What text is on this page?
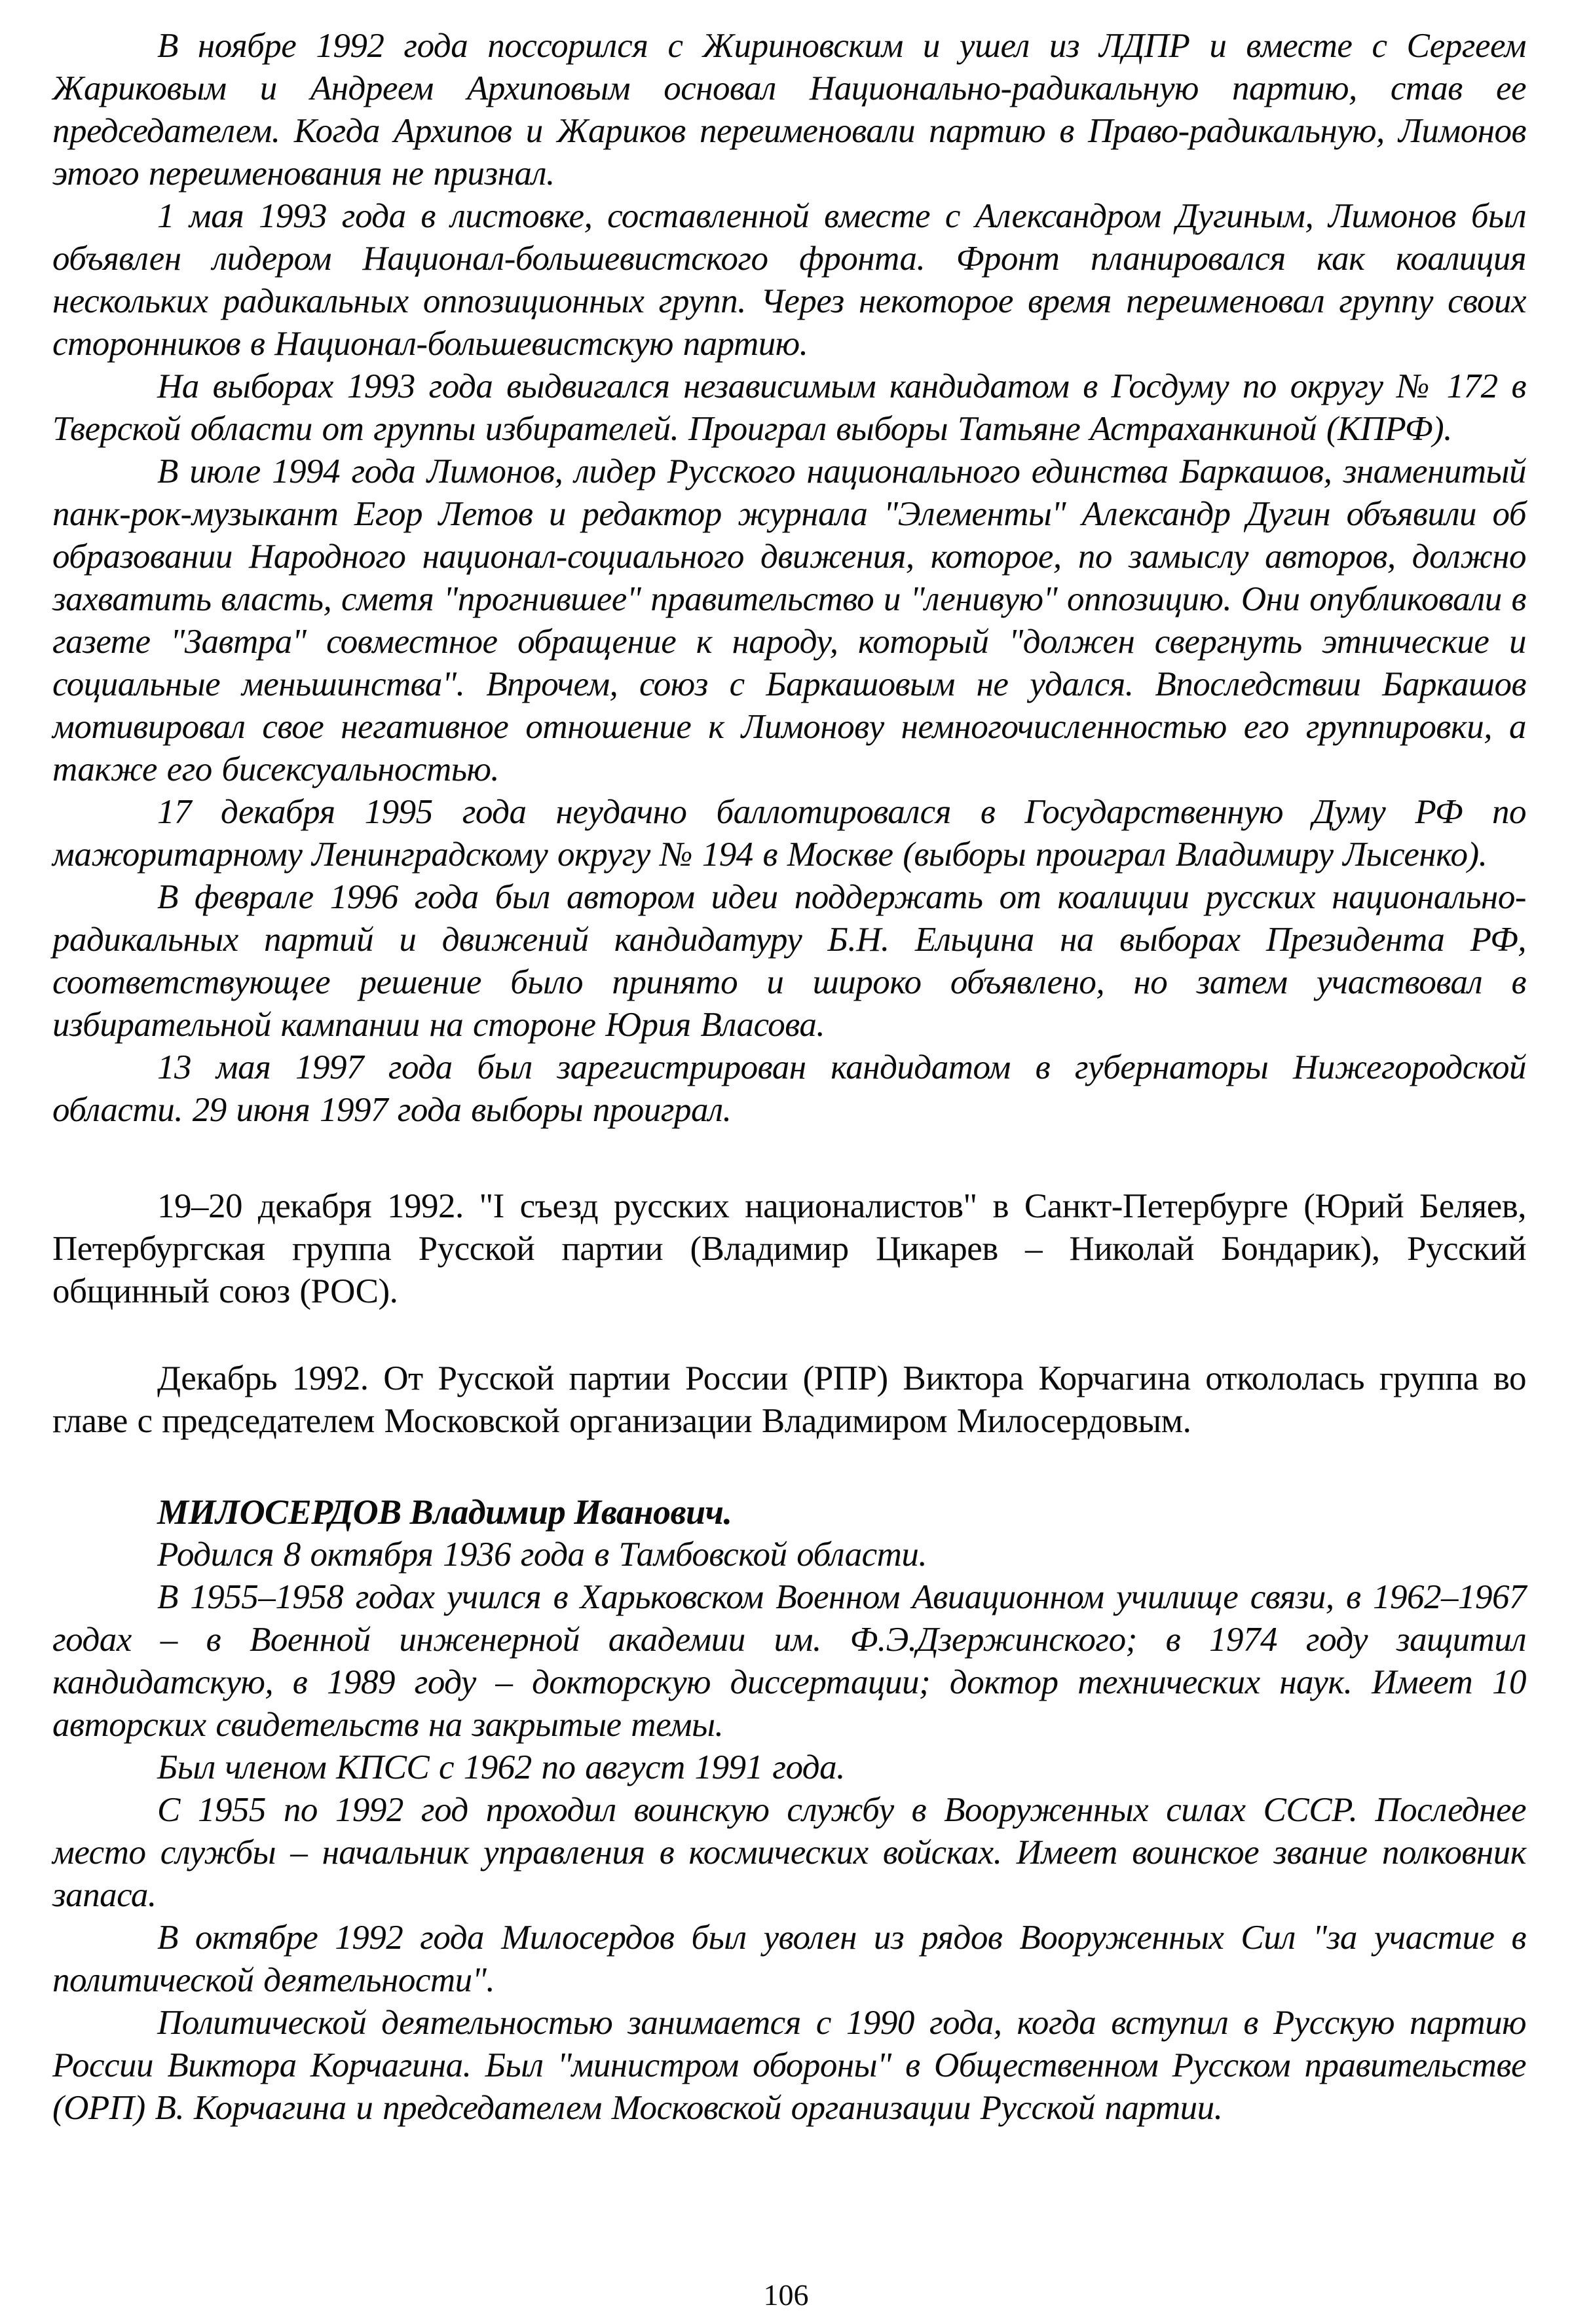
В ноябре 1992 года поссорился с Жириновским и ушел из ЛДПР и вместе с Сергеем Жариковым и Андреем Архиповым основал Национально-радикальную партию, став ее председателем. Когда Архипов и Жариков переименовали партию в Право-радикальную, Лимонов этого переименования не признал.

1 мая 1993 года в листовке, составленной вместе с Александром Дугиным, Лимонов был объявлен лидером Национал-большевистского фронта. Фронт планировался как коалиция нескольких радикальных оппозиционных групп. Через некоторое время переименовал группу своих сторонников в Национал-большевистскую партию.

На выборах 1993 года выдвигался независимым кандидатом в Госдуму по округу № 172 в Тверской области от группы избирателей. Проиграл выборы Татьяне Астраханкиной (КПРФ).

В июле 1994 года Лимонов, лидер Русского национального единства Баркашов, знаменитый панк-рок-музыкант Егор Летов и редактор журнала "Элементы" Александр Дугин объявили об образовании Народного национал-социального движения, которое, по замыслу авторов, должно захватить власть, сметя "прогнившее" правительство и "ленивую" оппозицию. Они опубликовали в газете "Завтра" совместное обращение к народу, который "должен свергнуть этнические и социальные меньшинства". Впрочем, союз с Баркашовым не удался. Впоследствии Баркашов мотивировал свое негативное отношение к Лимонову немногочисленностью его группировки, а также его бисексуальностью.

17 декабря 1995 года неудачно баллотировался в Государственную Думу РФ по мажоритарному Ленинградскому округу № 194 в Москве (выборы проиграл Владимиру Лысенко).

В феврале 1996 года был автором идеи поддержать от коалиции русских национально-радикальных партий и движений кандидатуру Б.Н. Ельцина на выборах Президента РФ, соответствующее решение было принято и широко объявлено, но затем участвовал в избирательной кампании на стороне Юрия Власова.

13 мая 1997 года был зарегистрирован кандидатом в губернаторы Нижегородской области. 29 июня 1997 года выборы проиграл.

19–20 декабря 1992. "I съезд русских националистов" в Санкт-Петербурге (Юрий Беляев, Петербургская группа Русской партии (Владимир Цикарев – Николай Бондарик), Русский общинный союз (РОС).

Декабрь 1992. От Русской партии России (РПР) Виктора Корчагина откололась группа во главе с председателем Московской организации Владимиром Милосердовым.

МИЛОСЕРДОВ Владимир Иванович.

Родился 8 октября 1936 года в Тамбовской области.

В 1955–1958 годах учился в Харьковском Военном Авиационном училище связи, в 1962–1967 годах – в Военной инженерной академии им. Ф.Э.Дзержинского; в 1974 году защитил кандидатскую, в 1989 году – докторскую диссертации; доктор технических наук. Имеет 10 авторских свидетельств на закрытые темы.

Был членом КПСС с 1962 по август 1991 года.

С 1955 по 1992 год проходил воинскую службу в Вооруженных силах СССР. Последнее место службы – начальник управления в космических войсках. Имеет воинское звание полковник запаса.

В октябре 1992 года Милосердов был уволен из рядов Вооруженных Сил "за участие в политической деятельности".

Политической деятельностью занимается с 1990 года, когда вступил в Русскую партию России Виктора Корчагина. Был "министром обороны" в Общественном Русском правительстве (ОРП) В. Корчагина и председателем Московской организации Русской партии.

106
